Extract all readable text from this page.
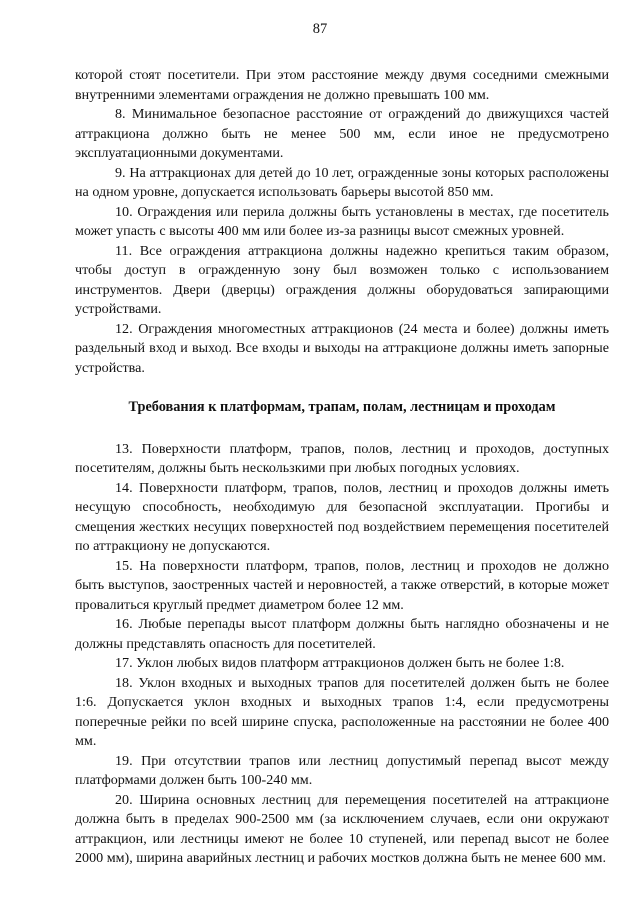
87

которой стоят посетители. При этом расстояние между двумя соседними смежными внутренними элементами ограждения не должно превышать 100 мм.

8. Минимальное безопасное расстояние от ограждений до движущихся частей аттракциона должно быть не менее 500 мм, если иное не предусмотрено эксплуатационными документами.

9. На аттракционах для детей до 10 лет, огражденные зоны которых расположены на одном уровне, допускается использовать барьеры высотой 850 мм.

10. Ограждения или перила должны быть установлены в местах, где посетитель может упасть с высоты 400 мм или более из-за разницы высот смежных уровней.

11. Все ограждения аттракциона должны надежно крепиться таким образом, чтобы доступ в огражденную зону был возможен только с использованием инструментов. Двери (дверцы) ограждения должны оборудоваться запирающими устройствами.

12. Ограждения многоместных аттракционов (24 места и более) должны иметь раздельный вход и выход. Все входы и выходы на аттракционе должны иметь запорные устройства.

Требования к платформам, трапам, полам, лестницам и проходам

13. Поверхности платформ, трапов, полов, лестниц и проходов, доступных посетителям, должны быть нескользкими при любых погодных условиях.

14. Поверхности платформ, трапов, полов, лестниц и проходов должны иметь несущую способность, необходимую для безопасной эксплуатации. Прогибы и смещения жестких несущих поверхностей под воздействием перемещения посетителей по аттракциону не допускаются.

15. На поверхности платформ, трапов, полов, лестниц и проходов не должно быть выступов, заостренных частей и неровностей, а также отверстий, в которые может провалиться круглый предмет диаметром более 12 мм.

16. Любые перепады высот платформ должны быть наглядно обозначены и не должны представлять опасность для посетителей.

17. Уклон любых видов платформ аттракционов должен быть не более 1:8.

18. Уклон входных и выходных трапов для посетителей должен быть не более 1:6. Допускается уклон входных и выходных трапов 1:4, если предусмотрены поперечные рейки по всей ширине спуска, расположенные на расстоянии не более 400 мм.

19. При отсутствии трапов или лестниц допустимый перепад высот между платформами должен быть 100-240 мм.

20. Ширина основных лестниц для перемещения посетителей на аттракционе должна быть в пределах 900-2500 мм (за исключением случаев, если они окружают аттракцион, или лестницы имеют не более 10 ступеней, или перепад высот не более 2000 мм), ширина аварийных лестниц и рабочих мостков должна быть не менее 600 мм.
